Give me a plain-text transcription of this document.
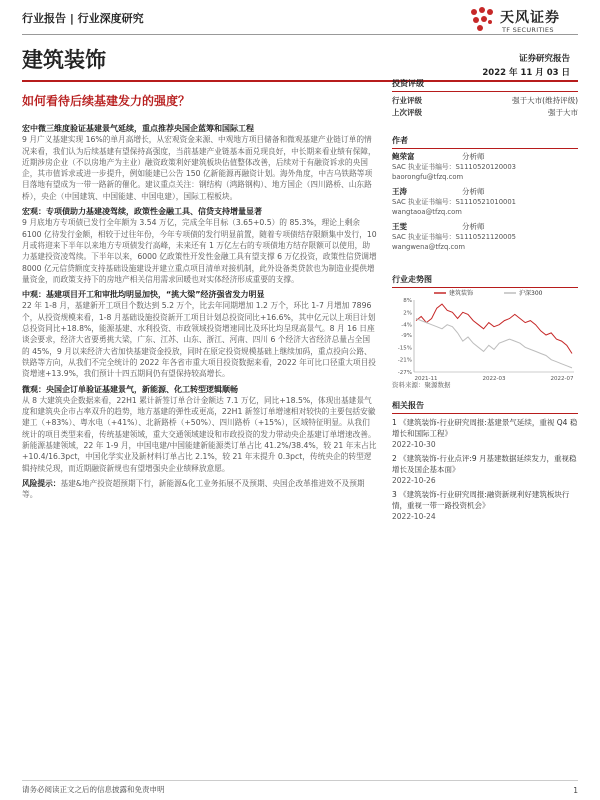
行业报告 | 行业深度研究	天风证券
TF SECURITIES
建筑装饰	证券研究报告
2022 年 11 月 03 日
如何看待后续基建发力的强度？
宏中微三维度验证基建景气延续，重点推荐央国企蓝筹和国际工程
9 月广义基建实现 16%的单月高增长，从宏观资金来源、中观地方项目储备和微观基建产业链订单的情况来看，我们认为后续基建有望保持高强度，当前基建产业链基本面兑现良好，中长期来看业绩有保障，近期涉房企业（不以房地产为主业）融资政策利好建筑板块估值整体改善，后续对于有融资诉求的央国企，其市值诉求或进一步提升，例如能建已公告 150 亿新能源再融资计划。海外角度，中吉乌铁路等项目落地有望成为一带一路新的催化。建议重点关注：钢结构（鸿路钢构）、地方国企（四川路桥、山东路桥），央企（中国建筑、中国能建、中国电建），国际工程板块。
宏观：专项债助力基建凌驾续，政策性金融工具、信贷支持增量显著
9 月底地方专项债已发行全年额为 3.54 万亿，完成全年目标（3.65+0.5）的 85.3%，理论上剩余 6100 亿待发行金额，相较于过往年份，今年专项债的发行明显前置，随着专项债结存限额集中发行，10 月或将迎来下半年以来地方专项债发行高峰，未来还有 1 万亿左右的专项债地方结存限额可以使用，助力基建投资凌驾续。下半年以来，6000 亿政策性开发性金融工具有望支撑 6 万亿投资，政策性信贷调增 8000 亿元信贷额度支持基础设施建设并建立重点项目清单对接机制，此外设备类贷款也为制造业提供增量资金，而政策支持下的房地产相关信用需求回暖也对实体经济形成重要的支撑。
中观：基建项目开工和审批均明显加快，“挑大梁”经济强省发力明显
22 年 1-8 月，基建新开工项目个数达到 5.2 万个，比去年同期增加 1.2 万个，环比 1-7 月增加 7896 个，从投资规模来看，1-8 月基础设施投资新开工项目计划总投资同比+16.6%，其中亿元以上项目计划总投资同比+18.8%，能源基建、水利投资、市政领域投资增速同比及环比均呈现高景气。8 月 16 日座谈会要求，经济大省要勇挑大梁，广东、江苏、山东、浙江、河南、四川 6 个经济大省经济总量占全国的 45%，9 月以来经济大省加快基建资金投放，同时在原定投资规模基础上继续加码，重点投向公路、铁路等方向，从我们不完全统计的 2022 年各省市重大项目投资数据来看，2022 年可比口径重大项目投资增速+13.9%，我们预计十四五期间仍有望保持较高增长。
微观：央国企订单验证基建景气，新能源、化工转型逻辑顺畅
从 8 大建筑央企数据来看，22H1 累计新签订单合计金额达 7.1 万亿，同比+18.5%，体现出基建景气度和建筑央企市占率双升的趋势，地方基建的弹性或更高，22H1 新签订单增速相对较快的主要包括安徽建工（+83%）、粤水电（+41%）、北新路桥（+50%）、四川路桥（+15%），区域特征明显。从我们统计的项目类型来看，传统基建领域，重大交通领域建设和市政投资的发力带动央企基建订单增速改善。新能源基建领域，22 年 1-9 月，中国电建/中国能建新能源类订单占比 41.2%/38.4%，较 21 年末占比+10.4/16.3pct，中国化学实业及新材料订单占比 2.1%，较 21 年末提升 0.3pct，传统央企的转型逻辑持续兑现，而近期融资新规也有望增强央企业绩释放意愿。
风险提示：基建&地产投资超预期下行，新能源&化工业务拓展不及预期、央国企改革推进效不及预期等。
投资评级
行业评级	强于大市(维持评级)
上次评级	强于大市
作者
鲍荣富	分析师
SAC 执业证书编号：S1110520120003
baorongfu@tfzq.com
王涛	分析师
SAC 执业证书编号：S1110521010001
wangtaoa@tfzq.com
王雯	分析师
SAC 执业证书编号：S1110521120005
wangwena@tfzq.com
行业走势图
8%
2%
-4%
-9%
-15%
-21%
-27%
2021-11	2022-03	2022-07
建筑装饰	沪深300
资料来源：聚源数据
相关报告
1 《建筑装饰-行业研究周报:基建景气延续，重视 Q4 稳增长和国际工程》
2022-10-30
2 《建筑装饰-行业点评:9 月基建数据延续发力，重视稳增长及国企基本面》
2022-10-26
3 《建筑装饰-行业研究周报:融资新规利好建筑板块行情，重视一带一路投资机会》
2022-10-24
请务必阅读正文之后的信息披露和免责申明	1
